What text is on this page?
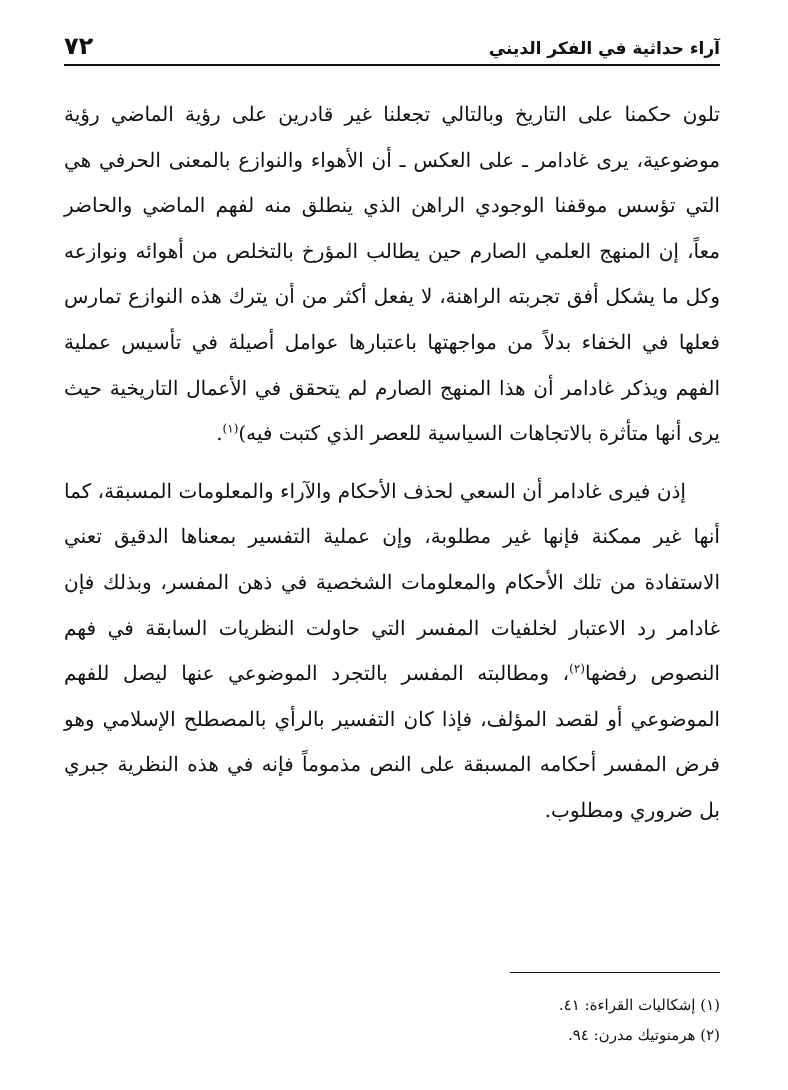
آراء حداثية في الفكر الديني
٧٢

تلون حكمنا على التاريخ وبالتالي تجعلنا غير قادرين على رؤية الماضي رؤية موضوعية، يرى غادامر ـ على العكس ـ أن الأهواء والنوازع بالمعنى الحرفي هي التي تؤسس موقفنا الوجودي الراهن الذي ينطلق منه لفهم الماضي والحاضر معاً، إن المنهج العلمي الصارم حين يطالب المؤرخ بالتخلص من أهوائه ونوازعه وكل ما يشكل أفق تجربته الراهنة، لا يفعل أكثر من أن يترك هذه النوازع تمارس فعلها في الخفاء بدلاً من مواجهتها باعتبارها عوامل أصيلة في تأسيس عملية الفهم ويذكر غادامر أن هذا المنهج الصارم لم يتحقق في الأعمال التاريخية حيث يرى أنها متأثرة بالاتجاهات السياسية للعصر الذي كتبت فيه)$^{(١)}$.

إذن فيرى غادامر أن السعي لحذف الأحكام والآراء والمعلومات المسبقة، كما أنها غير ممكنة فإنها غير مطلوبة، وإن عملية التفسير بمعناها الدقيق تعني الاستفادة من تلك الأحكام والمعلومات الشخصية في ذهن المفسر، وبذلك فإن غادامر رد الاعتبار لخلفيات المفسر التي حاولت النظريات السابقة في فهم النصوص رفضها$^{(٢)}$، ومطالبته المفسر بالتجرد الموضوعي عنها ليصل للفهم الموضوعي أو لقصد المؤلف، فإذا كان التفسير بالرأي بالمصطلح الإسلامي وهو فرض المفسر أحكامه المسبقة على النص مذموماً فإنه في هذه النظرية جبري بل ضروري ومطلوب.

(١) إشكاليات القراءة: ٤١.

(٢) هرمنوتيك مدرن: ٩٤.
